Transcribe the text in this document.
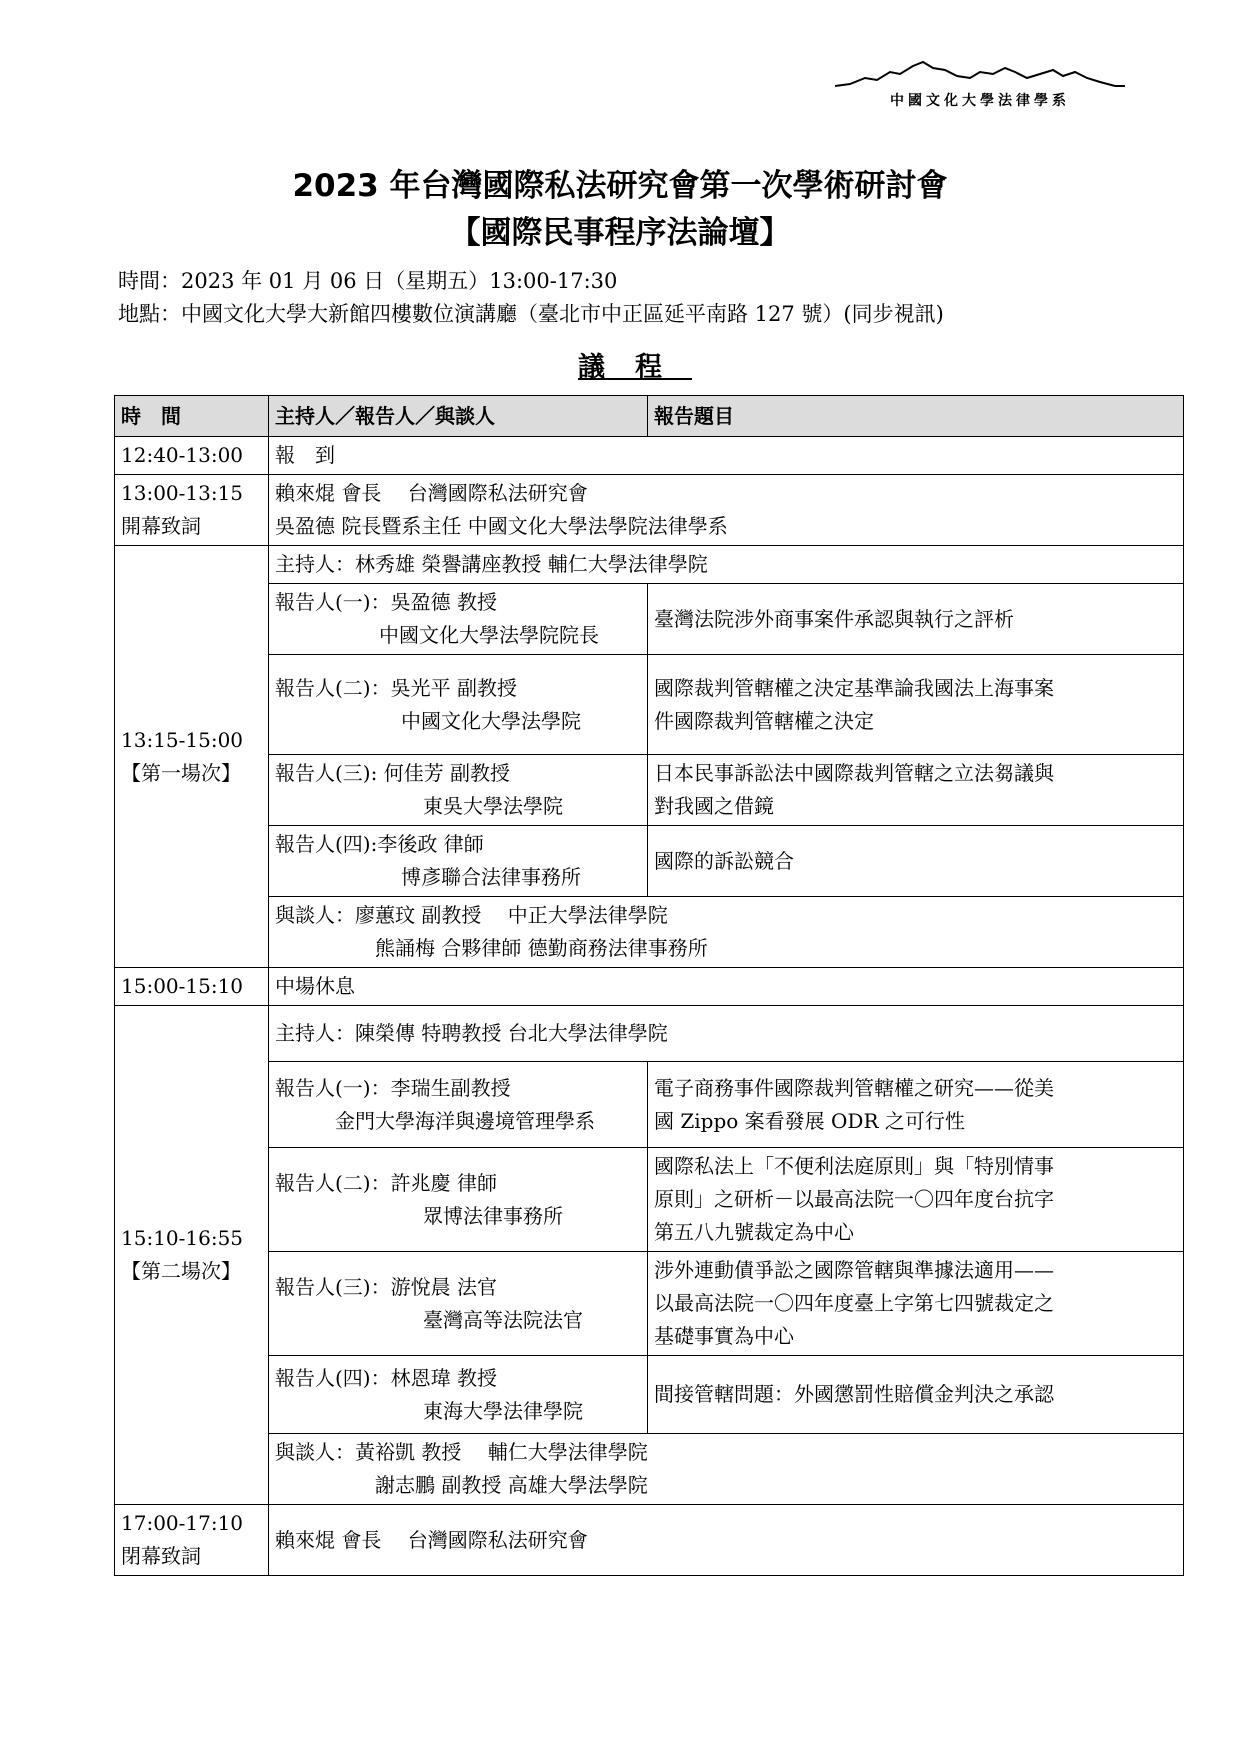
中國文化大學法律學系
2023 年台灣國際私法研究會第一次學術研討會
【國際民事程序法論壇】
時間：2023 年 01 月 06 日（星期五）13:00-17:30
地點：中國文化大學大新館四樓數位演講廳（臺北市中正區延平南路 127 號）(同步視訊)
議程
時　間	主持人／報告人／與談人	報告題目
12:40-13:00	報　到	

13:00-13:15
開幕致詞	賴來焜 會長　 台灣國際私法研究會
吳盈德 院長暨系主任 中國文化大學法學院法律學系	

13:15-15:00
【第一場次】	主持人：林秀雄 榮譽講座教授 輔仁大學法律學院	

	報告人(一)：吳盈德 教授
中國文化大學法學院院長	臺灣法院涉外商事案件承認與執行之評析

	報告人(二)：吳光平 副教授
中國文化大學法學院	國際裁判管轄權之決定基準論我國法上海事案
件國際裁判管轄權之決定

	報告人(三): 何佳芳 副教授
東吳大學法學院	日本民事訴訟法中國際裁判管轄之立法芻議與
對我國之借鏡

	報告人(四):李後政 律師
博彥聯合法律事務所	國際的訴訟競合

	與談人：廖蕙玟 副教授　 中正大學法律學院
熊誦梅 合夥律師 德勤商務法律事務所	

15:00-15:10	中場休息	

15:10-16:55
【第二場次】	主持人：陳榮傳 特聘教授 台北大學法律學院	

	報告人(一)：李瑞生副教授
金門大學海洋與邊境管理學系	電子商務事件國際裁判管轄權之研究——從美
國 Zippo 案看發展 ODR 之可行性

	報告人(二)：許兆慶 律師
眾博法律事務所	國際私法上「不便利法庭原則」與「特別情事
原則」之研析－以最高法院一〇四年度台抗字
第五八九號裁定為中心

	報告人(三)：游悅晨 法官
臺灣高等法院法官	涉外連動債爭訟之國際管轄與準據法適用——
以最高法院一〇四年度臺上字第七四號裁定之
基礎事實為中心

	報告人(四)：林恩瑋 教授
東海大學法律學院	間接管轄問題：外國懲罰性賠償金判決之承認

	與談人：黃裕凱 教授　 輔仁大學法律學院
謝志鵬 副教授 高雄大學法學院	

17:00-17:10
閉幕致詞	賴來焜 會長　 台灣國際私法研究會	
